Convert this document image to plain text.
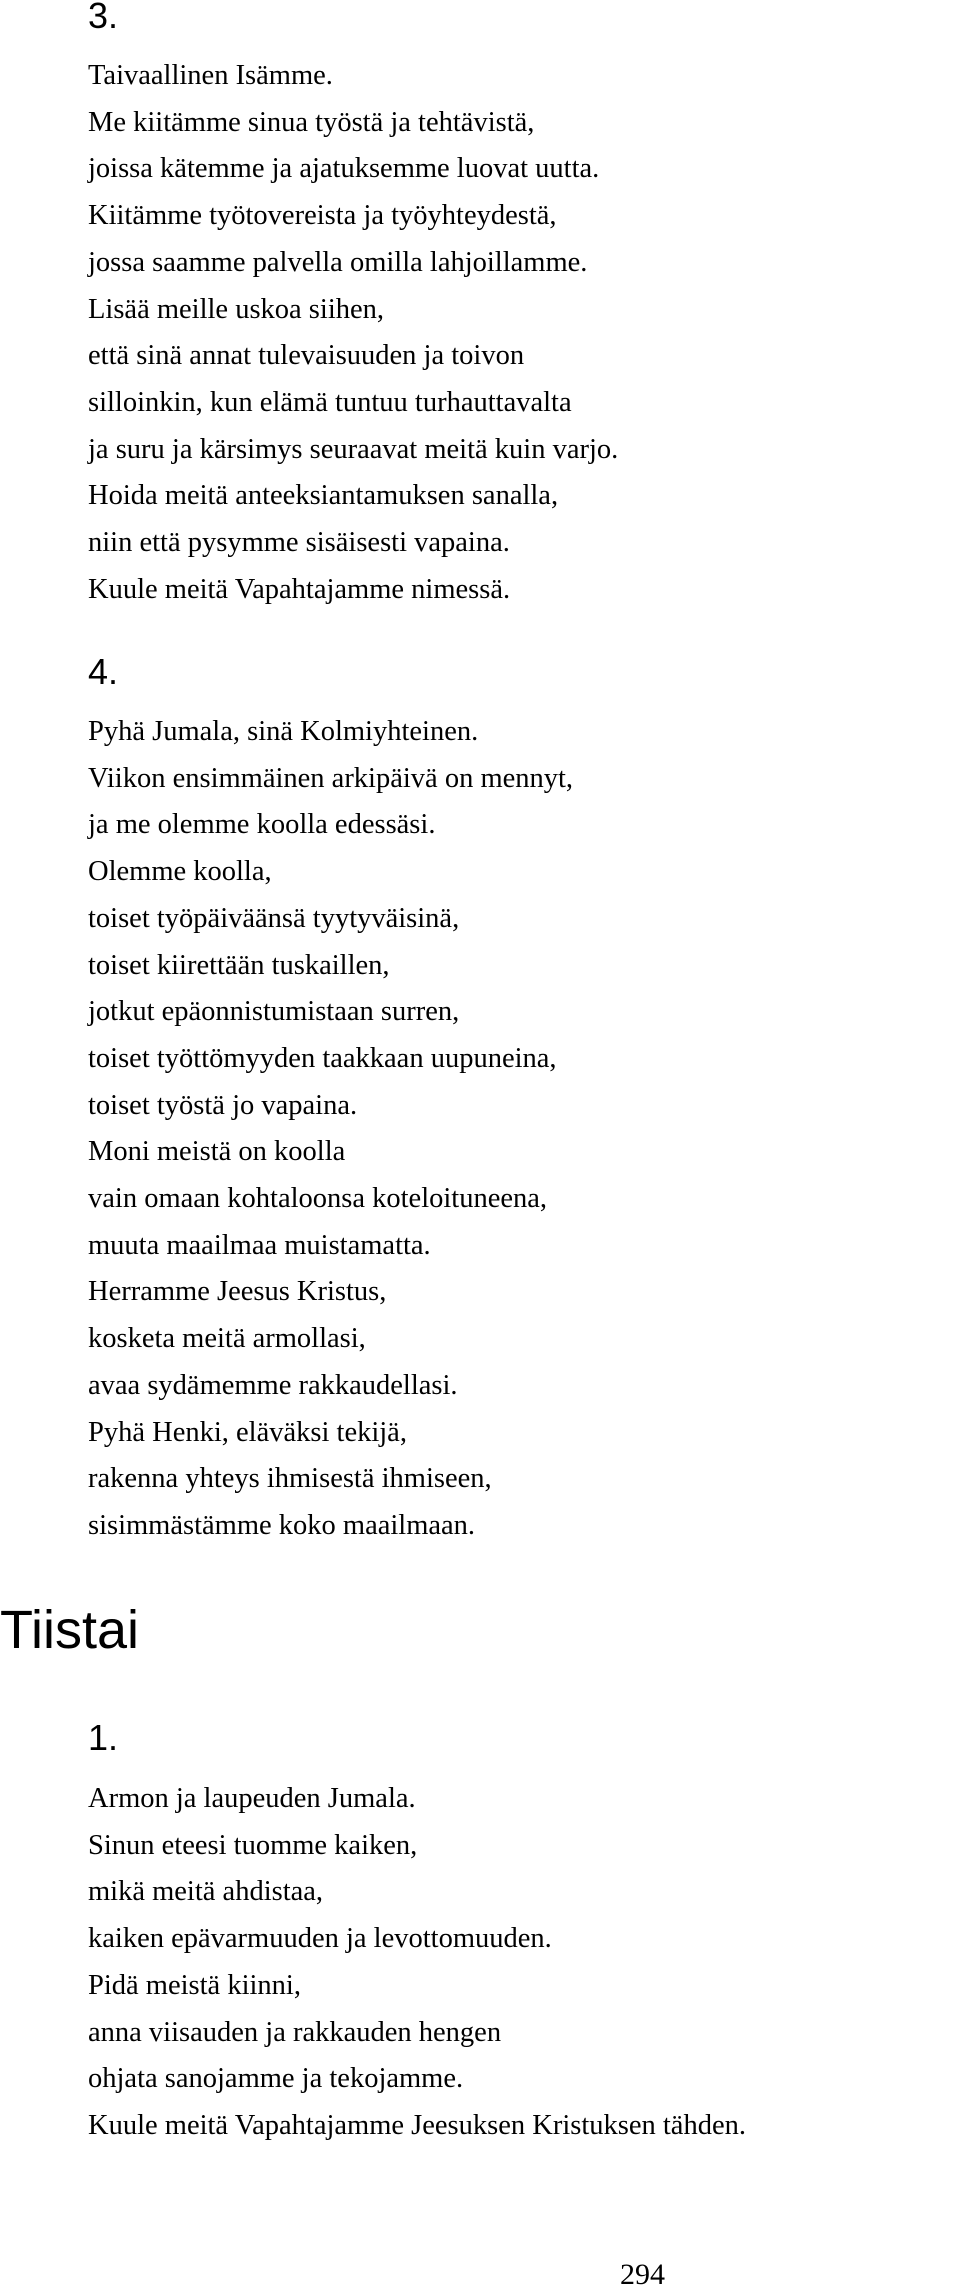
3.
Taivaallinen Isämme.
Me kiitämme sinua työstä ja tehtävistä,
joissa kätemme ja ajatuksemme luovat uutta.
Kiitämme työtovereista ja työyhteydestä,
jossa saamme palvella omilla lahjoillamme.
Lisää meille uskoa siihen,
että sinä annat tulevaisuuden ja toivon
silloinkin, kun elämä tuntuu turhauttavalta
ja suru ja kärsimys seuraavat meitä kuin varjo.
Hoida meitä anteeksiantamuksen sanalla,
niin että pysymme sisäisesti vapaina.
Kuule meitä Vapahtajamme nimessä.
4.
Pyhä Jumala, sinä Kolmiyhteinen.
Viikon ensimmäinen arkipäivä on mennyt,
ja me olemme koolla edessäsi.
Olemme koolla,
toiset työpäiväänsä tyytyväisinä,
toiset kiirettään tuskaillen,
jotkut epäonnistumistaan surren,
toiset työttömyyden taakkaan uupuneina,
toiset työstä jo vapaina.
Moni meistä on koolla
vain omaan kohtaloonsa koteloituneena,
muuta maailmaa muistamatta.
Herramme Jeesus Kristus,
kosketa meitä armollasi,
avaa sydämemme rakkaudellasi.
Pyhä Henki, eläväksi tekijä,
rakenna yhteys ihmisestä ihmiseen,
sisimmästämme koko maailmaan.
Tiistai
1.
Armon ja laupeuden Jumala.
Sinun eteesi tuomme kaiken,
mikä meitä ahdistaa,
kaiken epävarmuuden ja levottomuuden.
Pidä meistä kiinni,
anna viisauden ja rakkauden hengen
ohjata sanojamme ja tekojamme.
Kuule meitä Vapahtajamme Jeesuksen Kristuksen tähden.

294
